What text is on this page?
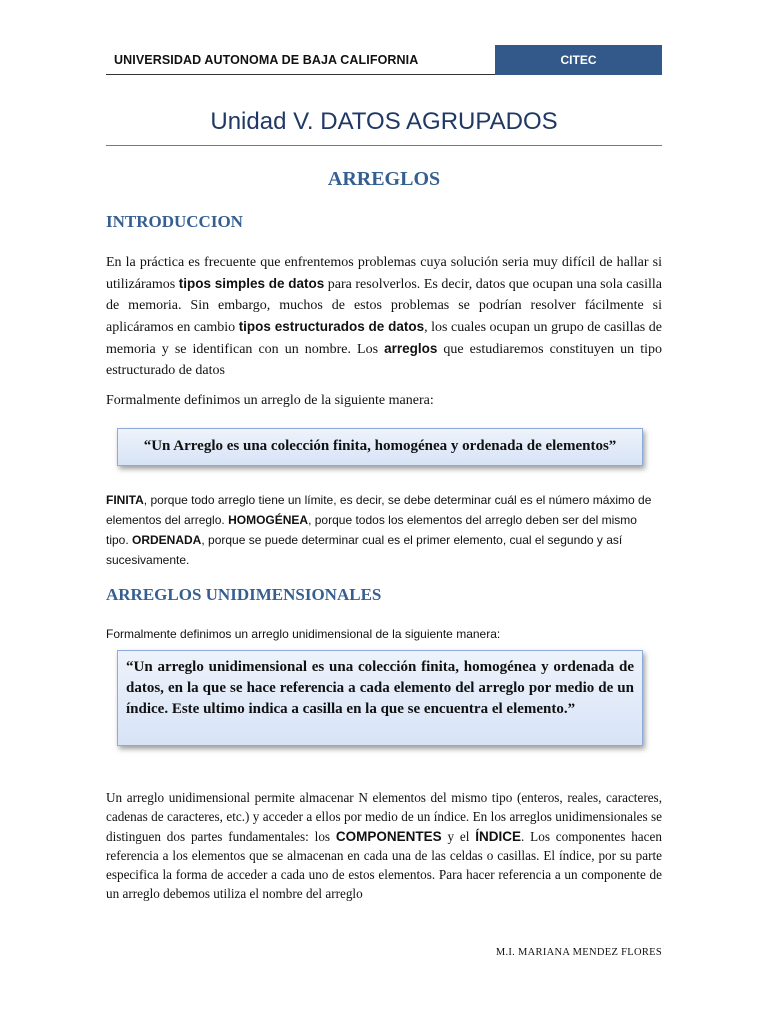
UNIVERSIDAD AUTONOMA DE BAJA CALIFORNIA	CITEC
Unidad V. DATOS AGRUPADOS
ARREGLOS
INTRODUCCION
En la práctica es frecuente que enfrentemos problemas cuya solución seria muy difícil de hallar si utilizáramos tipos simples de datos para resolverlos. Es decir, datos que ocupan una sola casilla de memoria. Sin embargo, muchos de estos problemas se podrían resolver fácilmente si aplicáramos en cambio tipos estructurados de datos, los cuales ocupan un grupo de casillas de memoria y se identifican con un nombre. Los arreglos que estudiaremos constituyen un tipo estructurado de datos
Formalmente definimos un arreglo de la siguiente manera:
“Un Arreglo es una colección finita, homogénea y ordenada de elementos”
FINITA, porque todo arreglo tiene un límite, es decir, se debe determinar cuál es el número máximo de elementos del arreglo. HOMOGÉNEA, porque todos los elementos del arreglo deben ser del mismo tipo. ORDENADA, porque se puede determinar cual es el primer elemento, cual el segundo y así sucesivamente.
ARREGLOS UNIDIMENSIONALES
Formalmente definimos un arreglo unidimensional de la siguiente manera:
“Un arreglo unidimensional es una colección finita, homogénea y ordenada de datos, en la que se hace referencia a cada elemento del arreglo por medio de un índice. Este ultimo indica a casilla en la que se encuentra el elemento.”
Un arreglo unidimensional permite almacenar N elementos del mismo tipo (enteros, reales, caracteres, cadenas de caracteres, etc.) y acceder a ellos por medio de un índice. En los arreglos unidimensionales se distinguen dos partes fundamentales: los COMPONENTES y el ÍNDICE. Los componentes hacen referencia a los elementos que se almacenan en cada una de las celdas o casillas. El índice, por su parte especifica la forma de acceder a cada uno de estos elementos. Para hacer referencia a un componente de un arreglo debemos utiliza el nombre del arreglo
M.I. MARIANA MENDEZ FLORES
